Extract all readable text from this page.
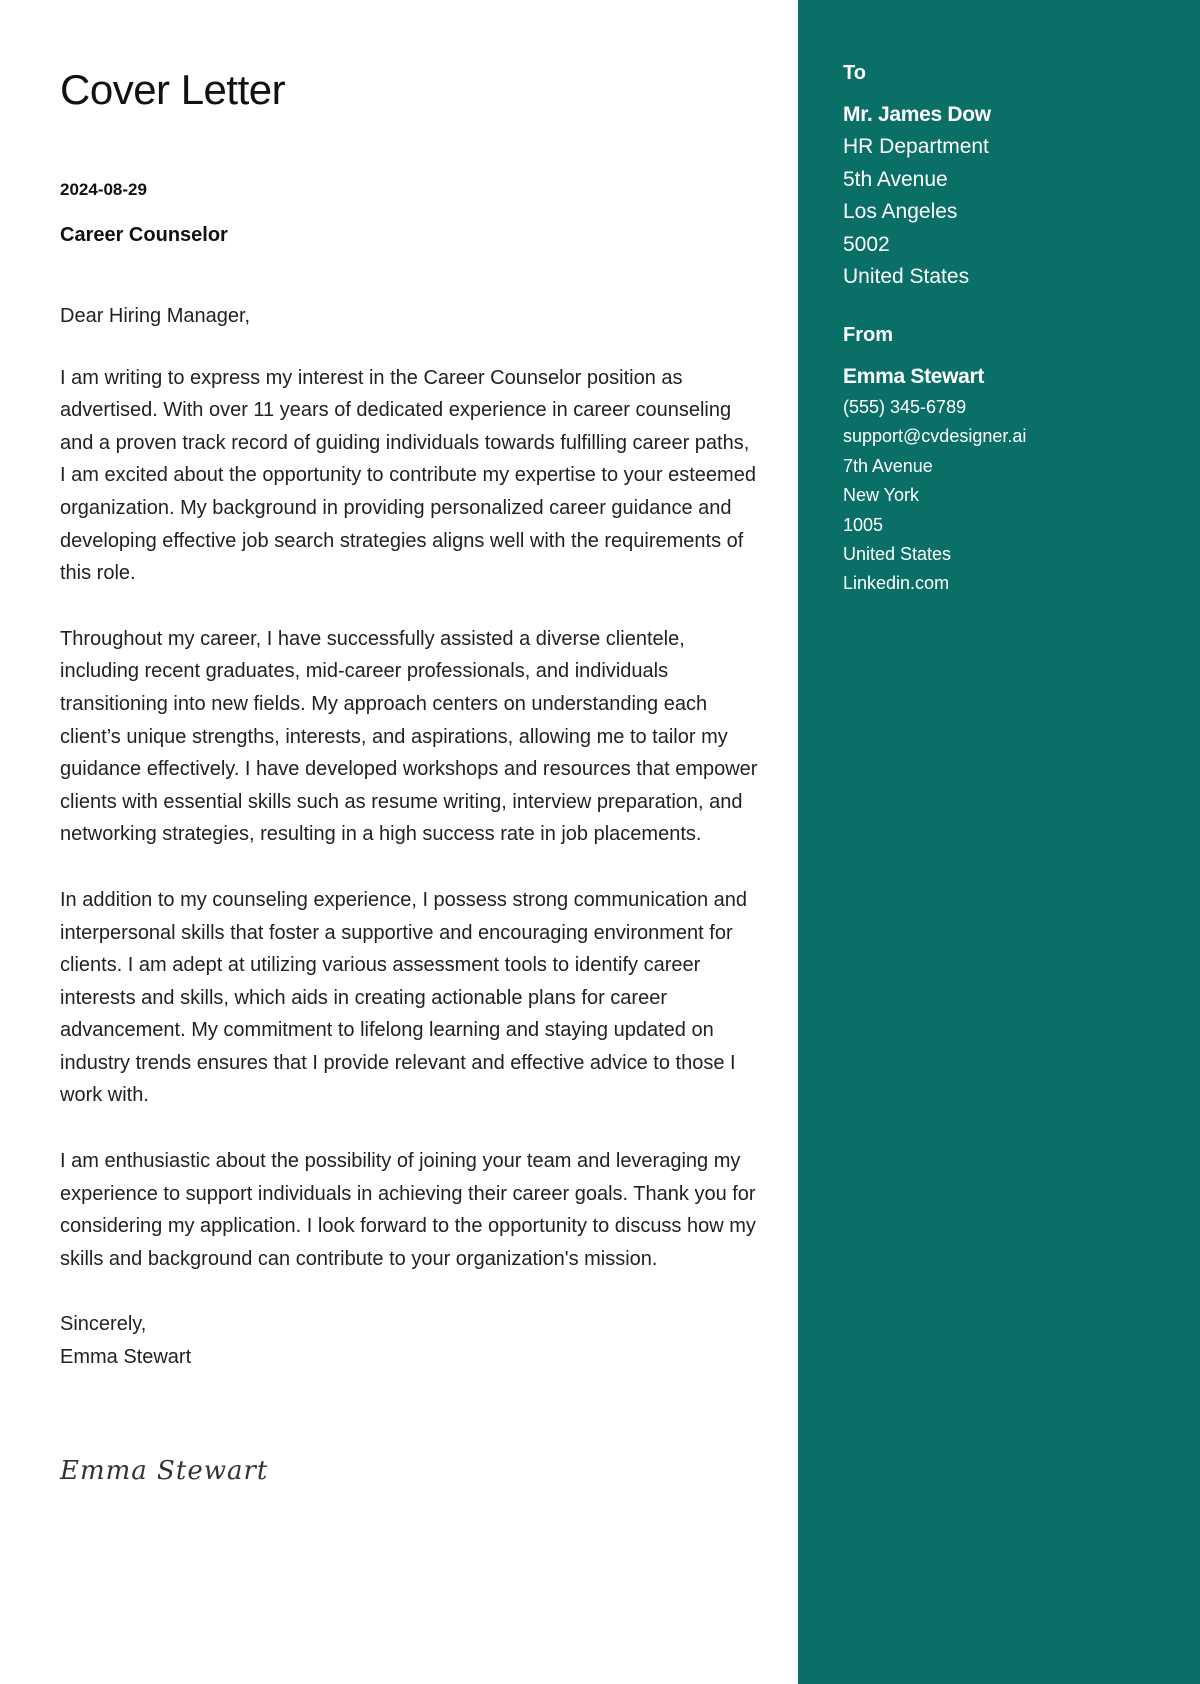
Cover Letter
2024-08-29
Career Counselor

Dear Hiring Manager,

I am writing to express my interest in the Career Counselor position as advertised. With over 11 years of dedicated experience in career counseling and a proven track record of guiding individuals towards fulfilling career paths, I am excited about the opportunity to contribute my expertise to your esteemed organization. My background in providing personalized career guidance and developing effective job search strategies aligns well with the requirements of this role.

Throughout my career, I have successfully assisted a diverse clientele, including recent graduates, mid-career professionals, and individuals transitioning into new fields. My approach centers on understanding each client’s unique strengths, interests, and aspirations, allowing me to tailor my guidance effectively. I have developed workshops and resources that empower clients with essential skills such as resume writing, interview preparation, and networking strategies, resulting in a high success rate in job placements.

In addition to my counseling experience, I possess strong communication and interpersonal skills that foster a supportive and encouraging environment for clients. I am adept at utilizing various assessment tools to identify career interests and skills, which aids in creating actionable plans for career advancement. My commitment to lifelong learning and staying updated on industry trends ensures that I provide relevant and effective advice to those I work with.

I am enthusiastic about the possibility of joining your team and leveraging my experience to support individuals in achieving their career goals. Thank you for considering my application. I look forward to the opportunity to discuss how my skills and background can contribute to your organization's mission.

Sincerely,
Emma Stewart
Emma Stewart
To
Mr. James Dow
HR Department
5th Avenue
Los Angeles
5002
United States
From
Emma Stewart
(555) 345-6789
support@cvdesigner.ai
7th Avenue
New York
1005
United States
Linkedin.com
